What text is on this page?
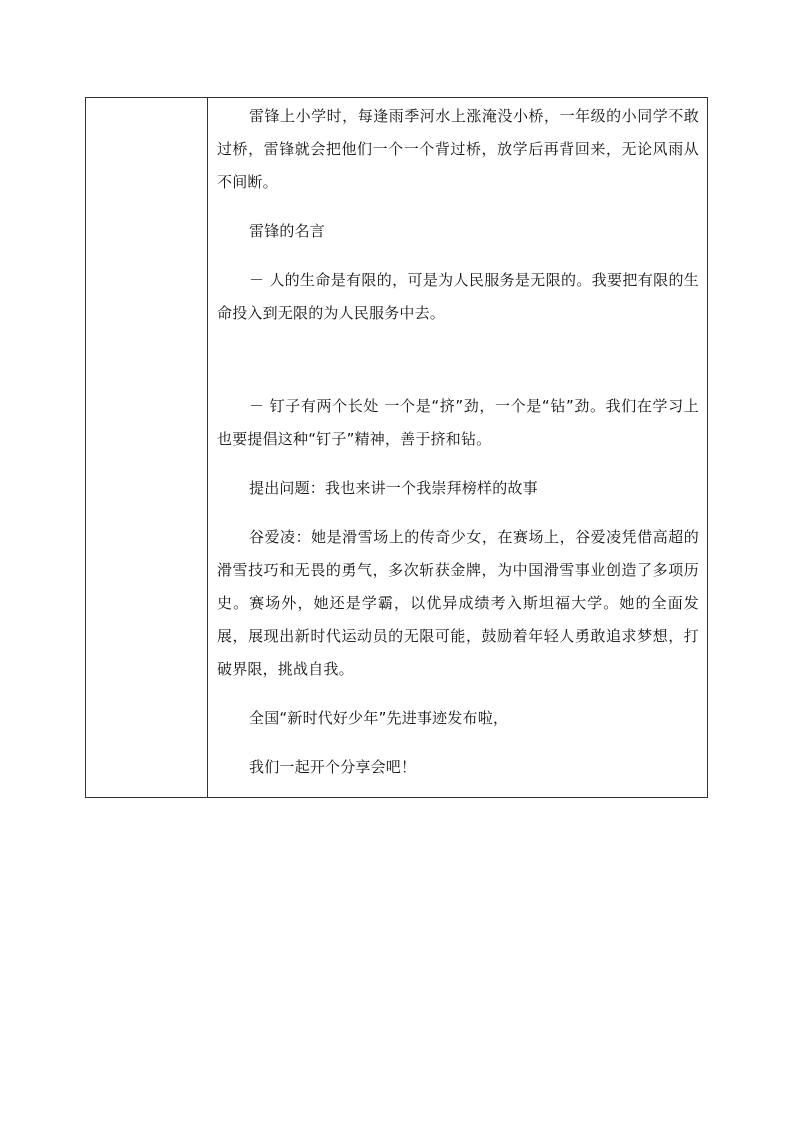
雷锋上小学时，每逢雨季河水上涨淹没小桥，一年级的小同学不敢过桥，雷锋就会把他们一个一个背过桥，放学后再背回来，无论风雨从不间断。

雷锋的名言

－ 人的生命是有限的，可是为人民服务是无限的。我要把有限的生命投入到无限的为人民服务中去。

－ 钉子有两个长处 一个是“挤”劲，一个是“钻”劲。我们在学习上也要提倡这种“钉子”精神，善于挤和钻。

提出问题：我也来讲一个我崇拜榜样的故事

谷爱凌：她是滑雪场上的传奇少女，在赛场上，谷爱凌凭借高超的滑雪技巧和无畏的勇气，多次斩获金牌，为中国滑雪事业创造了多项历史。赛场外，她还是学霸，以优异成绩考入斯坦福大学。她的全面发展，展现出新时代运动员的无限可能，鼓励着年轻人勇敢追求梦想，打破界限，挑战自我。

全国“新时代好少年”先进事迹发布啦，

我们一起开个分享会吧！
